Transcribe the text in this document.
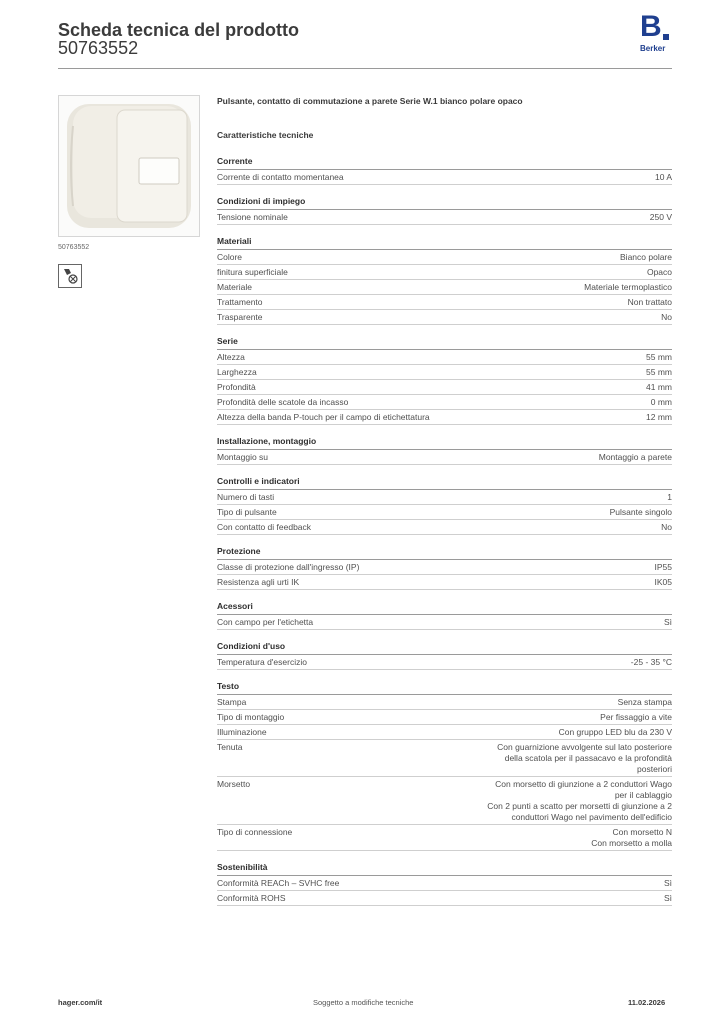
Scheda tecnica del prodotto
50763552
B
Berker
50763552
Pulsante, contatto di commutazione a parete Serie W.1 bianco polare opaco
Caratteristiche tecniche
Corrente
Corrente di contatto momentanea	10 A
Condizioni di impiego
Tensione nominale	250 V
Materiali
Colore	Bianco polare
finitura superficiale	Opaco
Materiale	Materiale termoplastico
Trattamento	Non trattato
Trasparente	No
Serie
Altezza	55 mm
Larghezza	55 mm
Profondità	41 mm
Profondità delle scatole da incasso	0 mm
Altezza della banda P-touch per il campo di etichettatura	12 mm
Installazione, montaggio
Montaggio su	Montaggio a parete
Controlli e indicatori
Numero di tasti	1
Tipo di pulsante	Pulsante singolo
Con contatto di feedback	No
Protezione
Classe di protezione dall'ingresso (IP)	IP55
Resistenza agli urti IK	IK05
Acessori
Con campo per l'etichetta	Sì
Condizioni d'uso
Temperatura d'esercizio	-25 - 35 °C
Testo
Stampa	Senza stampa
Tipo di montaggio	Per fissaggio a vite
Illuminazione	Con gruppo LED blu da 230 V
Tenuta	Con guarnizione avvolgente sul lato posteriore
della scatola per il passacavo e la profondità
posteriori
Morsetto	Con morsetto di giunzione a 2 conduttori Wago
per il cablaggio
Con 2 punti a scatto per morsetti di giunzione a 2
conduttori Wago nel pavimento dell'edificio
Tipo di connessione	Con morsetto N
Con morsetto a molla
Sostenibilità
Conformità REACh – SVHC free	Sì
Conformità ROHS	Sì
hager.com/it	Soggetto a modifiche tecniche	11.02.2026
